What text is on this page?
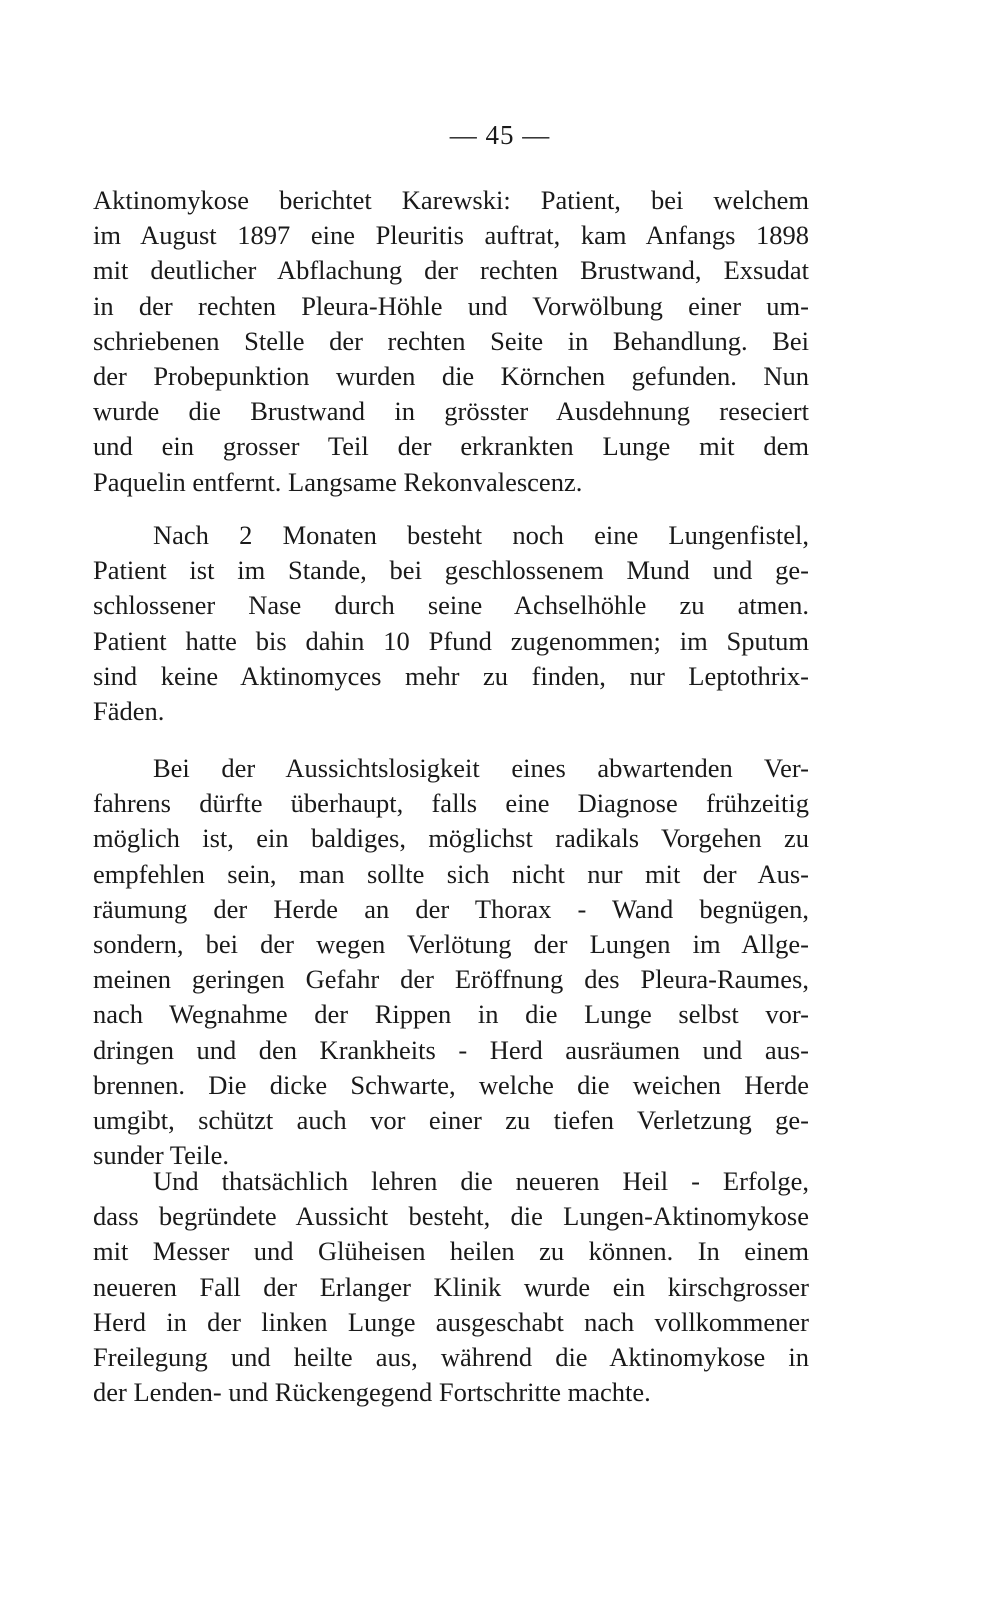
— 45 —
Aktinomykose berichtet Karewski: Patient, bei welchem
im August 1897 eine Pleuritis auftrat, kam Anfangs 1898
mit deutlicher Abflachung der rechten Brustwand, Exsudat
in der rechten Pleura-Höhle und Vorwölbung einer um-
schriebenen Stelle der rechten Seite in Behandlung. Bei
der Probepunktion wurden die Körnchen gefunden. Nun
wurde die Brustwand in grösster Ausdehnung reseciert
und ein grosser Teil der erkrankten Lunge mit dem
Paquelin entfernt. Langsame Rekonvalescenz.
Nach 2 Monaten besteht noch eine Lungenfistel,
Patient ist im Stande, bei geschlossenem Mund und ge-
schlossener Nase durch seine Achselhöhle zu atmen.
Patient hatte bis dahin 10 Pfund zugenommen; im Sputum
sind keine Aktinomyces mehr zu finden, nur Leptothrix-
Fäden.
Bei der Aussichtslosigkeit eines abwartenden Ver-
fahrens dürfte überhaupt, falls eine Diagnose frühzeitig
möglich ist, ein baldiges, möglichst radikals Vorgehen zu
empfehlen sein, man sollte sich nicht nur mit der Aus-
räumung der Herde an der Thorax - Wand begnügen,
sondern, bei der wegen Verlötung der Lungen im Allge-
meinen geringen Gefahr der Eröffnung des Pleura-Raumes,
nach Wegnahme der Rippen in die Lunge selbst vor-
dringen und den Krankheits - Herd ausräumen und aus-
brennen. Die dicke Schwarte, welche die weichen Herde
umgibt, schützt auch vor einer zu tiefen Verletzung ge-
sunder Teile.
Und thatsächlich lehren die neueren Heil - Erfolge,
dass begründete Aussicht besteht, die Lungen-Aktinomykose
mit Messer und Glüheisen heilen zu können. In einem
neueren Fall der Erlanger Klinik wurde ein kirschgrosser
Herd in der linken Lunge ausgeschabt nach vollkommener
Freilegung und heilte aus, während die Aktinomykose in
der Lenden- und Rückengegend Fortschritte machte.
